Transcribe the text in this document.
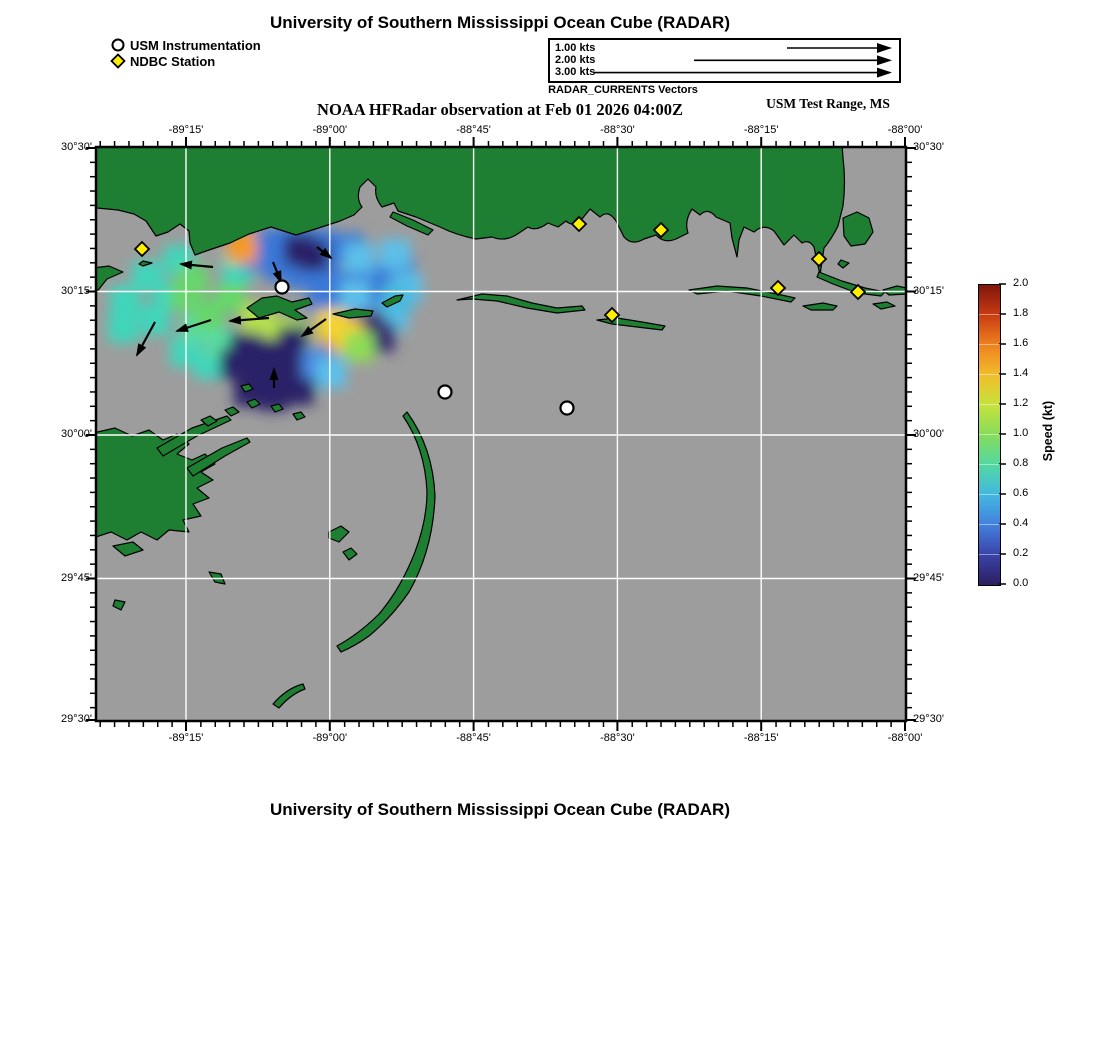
University of Southern Mississippi Ocean Cube (RADAR)
USM Instrumentation
NDBC Station
1.00 kts
2.00 kts
3.00 kts
RADAR_CURRENTS Vectors
USM Test Range, MS
NOAA HFRadar observation at Feb 01 2026 04:00Z
-89°15'
-89°15'
-89°00'
-89°00'
-88°45'
-88°45'
-88°30'
-88°30'
-88°15'
-88°15'
-88°00'
-88°00'
30°30'	30°30'
30°15'	30°15'
30°00'	30°00'
29°45'	29°45'
29°30'	29°30'
0.0
0.2
0.4
0.6
0.8
1.0
1.2
1.4
1.6
1.8
2.0
Speed (kt)
University of Southern Mississippi Ocean Cube (RADAR)
